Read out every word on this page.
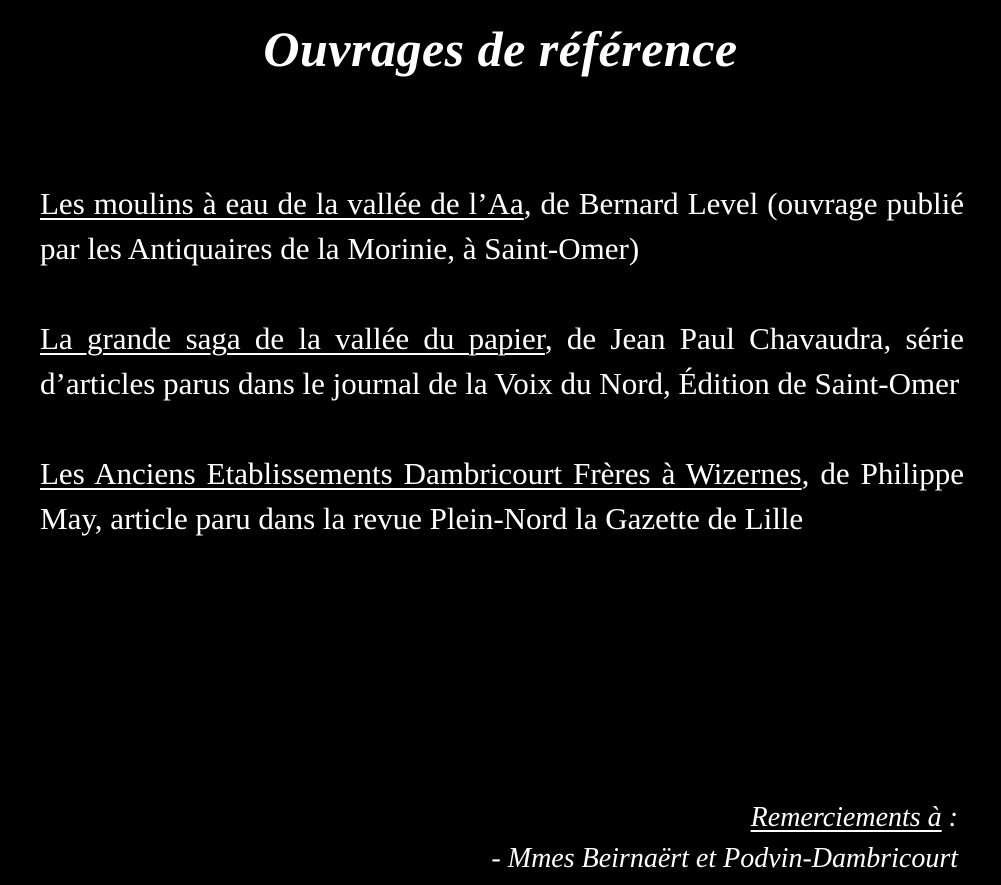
Ouvrages de référence

Les moulins à eau de la vallée de l’Aa, de Bernard Level (ouvrage publié par les Antiquaires de la Morinie, à Saint-Omer)

La grande saga de la vallée du papier, de Jean Paul Chavaudra, série d’articles parus dans le journal de la Voix du Nord, Édition de Saint-Omer

Les Anciens Etablissements Dambricourt Frères à Wizernes, de Philippe May, article paru dans la revue Plein-Nord la Gazette de Lille

Remerciements à :
- Mmes Beirnaërt et Podvin-Dambricourt
